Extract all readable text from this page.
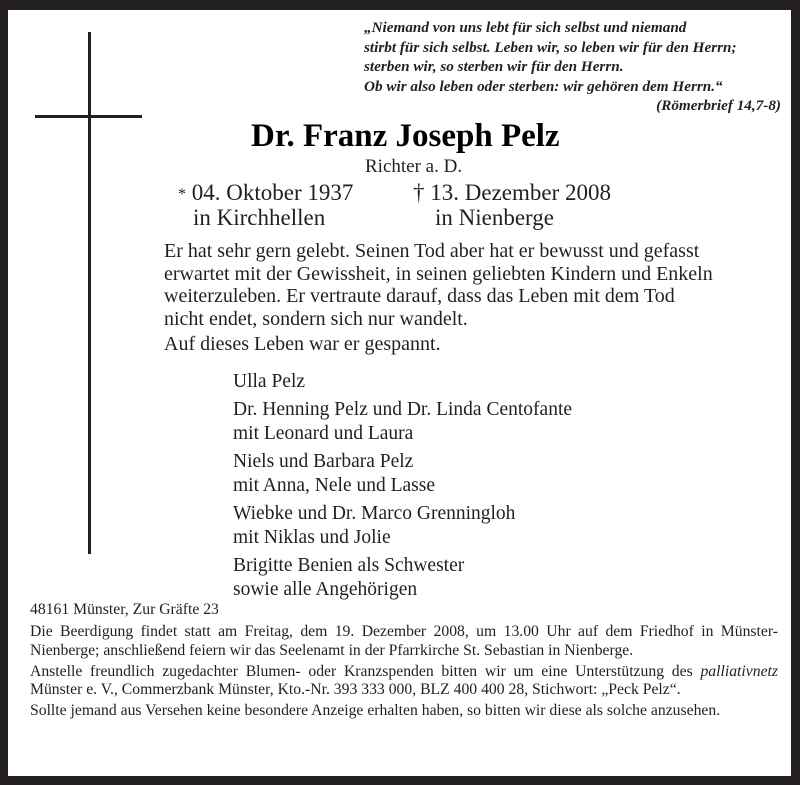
„Niemand von uns lebt für sich selbst und niemand
stirbt für sich selbst. Leben wir, so leben wir für den Herrn;
sterben wir, so sterben wir für den Herrn.
Ob wir also leben oder sterben: wir gehören dem Herrn.“
(Römerbrief 14,7-8)
Dr. Franz Joseph Pelz
Richter a. D.
* 04. Oktober 1937
in Kirchhellen
† 13. Dezember 2008
in Nienberge
Er hat sehr gern gelebt. Seinen Tod aber hat er bewusst und gefasst
erwartet mit der Gewissheit, in seinen geliebten Kindern und Enkeln
weiterzuleben. Er vertraute darauf, dass das Leben mit dem Tod
nicht endet, sondern sich nur wandelt.
Auf dieses Leben war er gespannt.
Ulla Pelz
Dr. Henning Pelz und Dr. Linda Centofante
mit Leonard und Laura
Niels und Barbara Pelz
mit Anna, Nele und Lasse
Wiebke und Dr. Marco Grenningloh
mit Niklas und Jolie
Brigitte Benien als Schwester
sowie alle Angehörigen

48161 Münster, Zur Gräfte 23

Die Beerdigung findet statt am Freitag, dem 19. Dezember 2008, um 13.00 Uhr auf dem Friedhof in Münster-Nienberge; anschließend feiern wir das Seelenamt in der Pfarrkirche St. Sebastian in Nienberge.

Anstelle freundlich zugedachter Blumen- oder Kranzspenden bitten wir um eine Unterstützung des palliativnetz Münster e. V., Commerzbank Münster, Kto.-Nr. 393 333 000, BLZ 400 400 28, Stichwort: „Peck Pelz“.

Sollte jemand aus Versehen keine besondere Anzeige erhalten haben, so bitten wir diese als solche anzusehen.
